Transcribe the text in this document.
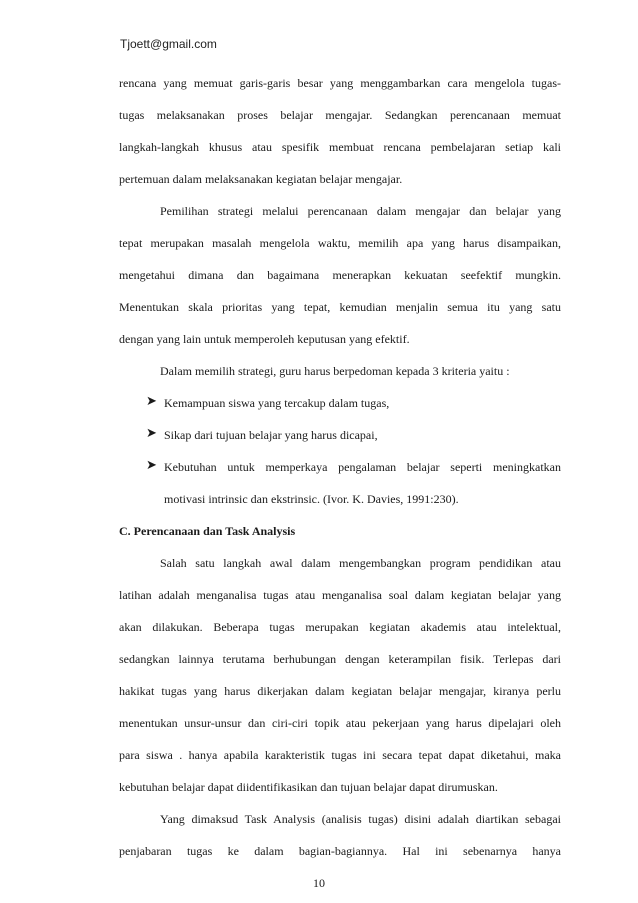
Tjoett@gmail.com
rencana yang memuat garis-garis besar yang menggambarkan cara mengelola tugas-
tugas melaksanakan proses belajar mengajar. Sedangkan perencanaan memuat
langkah-langkah khusus atau spesifik membuat rencana pembelajaran setiap kali
pertemuan dalam melaksanakan kegiatan belajar mengajar.
Pemilihan strategi melalui perencanaan dalam mengajar dan belajar yang
tepat merupakan masalah mengelola waktu, memilih apa yang harus disampaikan,
mengetahui dimana dan bagaimana menerapkan kekuatan seefektif mungkin.
Menentukan skala prioritas yang tepat, kemudian menjalin semua itu yang satu
dengan yang lain untuk memperoleh keputusan yang efektif.
Dalam memilih strategi, guru harus berpedoman kepada 3 kriteria yaitu :
➤ Kemampuan siswa yang tercakup dalam tugas,
➤ Sikap dari tujuan belajar yang harus dicapai,
➤ Kebutuhan untuk memperkaya pengalaman belajar seperti meningkatkan
motivasi intrinsic dan ekstrinsic. (Ivor. K. Davies, 1991:230).
C. Perencanaan dan Task Analysis
Salah satu langkah awal dalam mengembangkan program pendidikan atau
latihan adalah menganalisa tugas atau menganalisa soal dalam kegiatan belajar yang
akan dilakukan. Beberapa tugas merupakan kegiatan akademis atau intelektual,
sedangkan lainnya terutama berhubungan dengan keterampilan fisik. Terlepas dari
hakikat tugas yang harus dikerjakan dalam kegiatan belajar mengajar, kiranya perlu
menentukan unsur-unsur dan ciri-ciri topik atau pekerjaan yang harus dipelajari oleh
para siswa . hanya apabila karakteristik tugas ini secara tepat dapat diketahui, maka
kebutuhan belajar dapat diidentifikasikan dan tujuan belajar dapat dirumuskan.
Yang dimaksud Task Analysis (analisis tugas) disini adalah diartikan sebagai
penjabaran tugas ke dalam bagian-bagiannya. Hal ini sebenarnya hanya
10
